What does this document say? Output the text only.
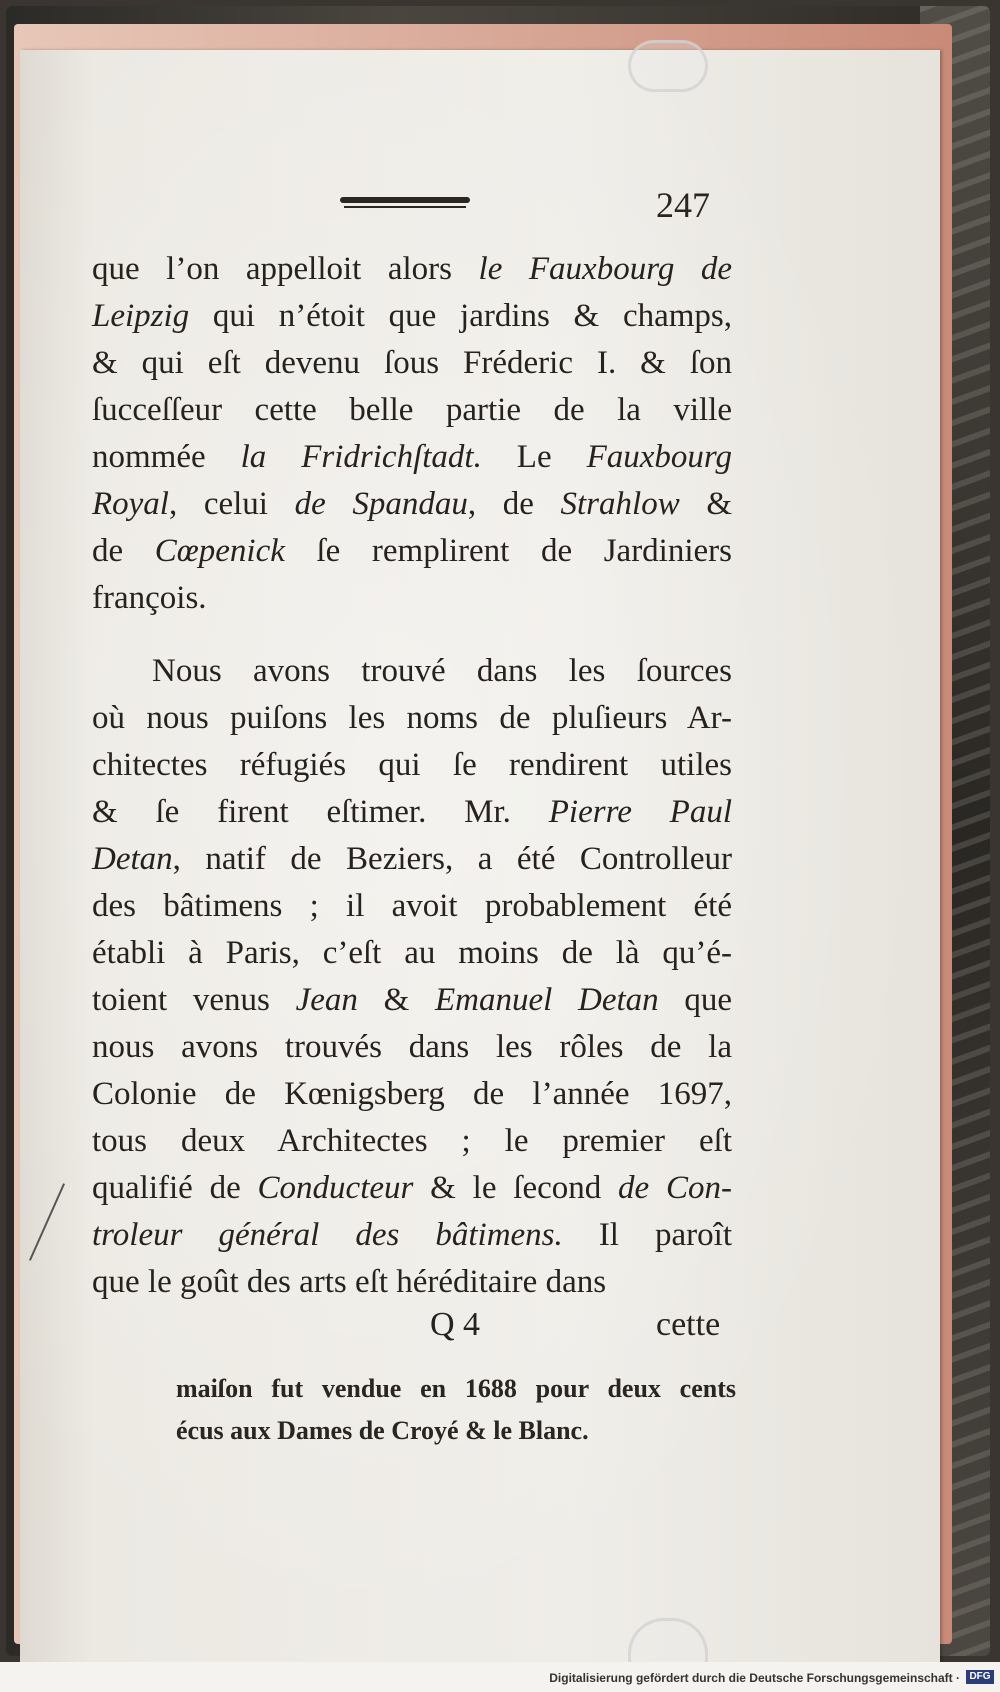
247
que l’on appelloit alors le Fauxbourg de
Leipzig qui n’étoit que jardins & champs,
& qui eſt devenu ſous Fréderic I. & ſon
ſucceſſeur cette belle partie de la ville
nommée la Fridrichſtadt. Le Fauxbourg
Royal, celui de Spandau, de Strahlow &
de Cœpenick ſe remplirent de Jardiniers
françois.
Nous avons trouvé dans les ſources
où nous puiſons les noms de pluſieurs Ar-
chitectes réfugiés qui ſe rendirent utiles
& ſe firent eſtimer. Mr. Pierre Paul
Detan, natif de Beziers, a été Controlleur
des bâtimens ; il avoit probablement été
établi à Paris, c’eſt au moins de là qu’é-
toient venus Jean & Emanuel Detan que
nous avons trouvés dans les rôles de la
Colonie de Kœnigsberg de l’année 1697,
tous deux Architectes ; le premier eſt
qualifié de Conducteur & le ſecond de Con-
troleur général des bâtimens. Il paroît
que le goût des arts eſt héréditaire dans
Q 4	cette
maiſon fut vendue en 1688 pour deux cents
écus aux Dames de Croyé & le Blanc.
Digitalisierung gefördert durch die Deutsche Forschungsgemeinschaft · DFG
